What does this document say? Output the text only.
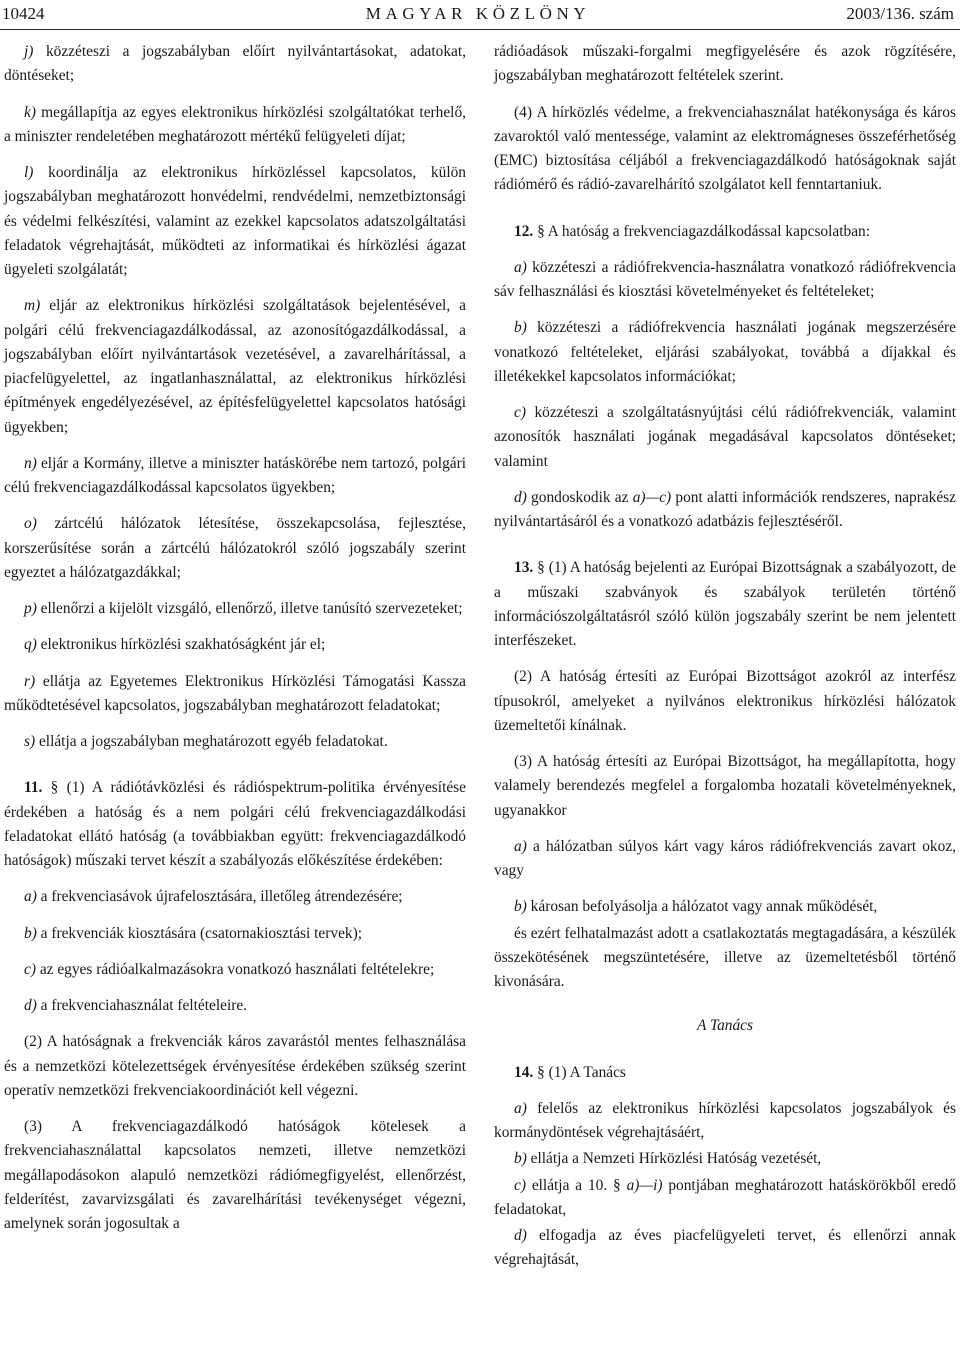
10424	MAGYAR KÖZLÖNY	2003/136. szám

j) közzéteszi a jogszabályban előírt nyilvántartásokat, adatokat, döntéseket;

k) megállapítja az egyes elektronikus hírközlési szolgáltatókat terhelő, a miniszter rendeletében meghatározott mértékű felügyeleti díjat;

l) koordinálja az elektronikus hírközléssel kapcsolatos, külön jogszabályban meghatározott honvédelmi, rendvédelmi, nemzetbiztonsági és védelmi felkészítési, valamint az ezekkel kapcsolatos adatszolgáltatási feladatok végrehajtását, működteti az informatikai és hírközlési ágazat ügyeleti szolgálatát;

m) eljár az elektronikus hírközlési szolgáltatások bejelentésével, a polgári célú frekvenciagazdálkodással, az azonosítógazdálkodással, a jogszabályban előírt nyilvántartások vezetésével, a zavarelhárítással, a piacfelügyelettel, az ingatlanhasználattal, az elektronikus hírközlési építmények engedélyezésével, az építésfelügyelettel kapcsolatos hatósági ügyekben;

n) eljár a Kormány, illetve a miniszter hatáskörébe nem tartozó, polgári célú frekvenciagazdálkodással kapcsolatos ügyekben;

o) zártcélú hálózatok létesítése, összekapcsolása, fejlesztése, korszerűsítése során a zártcélú hálózatokról szóló jogszabály szerint egyeztet a hálózatgazdákkal;

p) ellenőrzi a kijelölt vizsgáló, ellenőrző, illetve tanúsító szervezeteket;

q) elektronikus hírközlési szakhatóságként jár el;

r) ellátja az Egyetemes Elektronikus Hírközlési Támogatási Kassza működtetésével kapcsolatos, jogszabályban meghatározott feladatokat;

s) ellátja a jogszabályban meghatározott egyéb feladatokat.

11. § (1) A rádiótávközlési és rádióspektrum-politika érvényesítése érdekében a hatóság és a nem polgári célú frekvenciagazdálkodási feladatokat ellátó hatóság (a továbbiakban együtt: frekvenciagazdálkodó hatóságok) műszaki tervet készít a szabályozás előkészítése érdekében:

a) a frekvenciasávok újrafelosztására, illetőleg átrendezésére;

b) a frekvenciák kiosztására (csatornakiosztási tervek);

c) az egyes rádióalkalmazásokra vonatkozó használati feltételekre;

d) a frekvenciahasználat feltételeire.

(2) A hatóságnak a frekvenciák káros zavarástól mentes felhasználása és a nemzetközi kötelezettségek érvényesítése érdekében szükség szerint operatív nemzetközi frekvenciakoordinációt kell végezni.

(3) A frekvenciagazdálkodó hatóságok kötelesek a frekvenciahasználattal kapcsolatos nemzeti, illetve nemzetközi megállapodásokon alapuló nemzetközi rádiómegfigyelést, ellenőrzést, felderítést, zavarvizsgálati és zavarelhárítási tevékenységet végezni, amelynek során jogosultak a

rádióadások műszaki-forgalmi megfigyelésére és azok rögzítésére, jogszabályban meghatározott feltételek szerint.

(4) A hírközlés védelme, a frekvenciahasználat hatékonysága és káros zavaroktól való mentessége, valamint az elektromágneses összeférhetőség (EMC) biztosítása céljából a frekvenciagazdálkodó hatóságoknak saját rádiómérő és rádió-zavarelhárító szolgálatot kell fenntartaniuk.

12. § A hatóság a frekvenciagazdálkodással kapcsolatban:

a) közzéteszi a rádiófrekvencia-használatra vonatkozó rádiófrekvencia sáv felhasználási és kiosztási követelményeket és feltételeket;

b) közzéteszi a rádiófrekvencia használati jogának megszerzésére vonatkozó feltételeket, eljárási szabályokat, továbbá a díjakkal és illetékekkel kapcsolatos információkat;

c) közzéteszi a szolgáltatásnyújtási célú rádiófrekvenciák, valamint azonosítók használati jogának megadásával kapcsolatos döntéseket; valamint

d) gondoskodik az a)—c) pont alatti információk rendszeres, naprakész nyilvántartásáról és a vonatkozó adatbázis fejlesztéséről.

13. § (1) A hatóság bejelenti az Európai Bizottságnak a szabályozott, de a műszaki szabványok és szabályok területén történő információszolgáltatásról szóló külön jogszabály szerint be nem jelentett interfészeket.

(2) A hatóság értesíti az Európai Bizottságot azokról az interfész típusokról, amelyeket a nyilvános elektronikus hírközlési hálózatok üzemeltetői kínálnak.

(3) A hatóság értesíti az Európai Bizottságot, ha megállapította, hogy valamely berendezés megfelel a forgalomba hozatali követelményeknek, ugyanakkor

a) a hálózatban súlyos kárt vagy káros rádiófrekvenciás zavart okoz, vagy

b) károsan befolyásolja a hálózatot vagy annak működését,

és ezért felhatalmazást adott a csatlakoztatás megtagadására, a készülék összekötésének megszüntetésére, illetve az üzemeltetésből történő kivonására.

A Tanács

14. § (1) A Tanács

a) felelős az elektronikus hírközlési kapcsolatos jogszabályok és kormánydöntések végrehajtásáért,

b) ellátja a Nemzeti Hírközlési Hatóság vezetését,

c) ellátja a 10. § a)—i) pontjában meghatározott hatáskörökből eredő feladatokat,

d) elfogadja az éves piacfelügyeleti tervet, és ellenőrzi annak végrehajtását,
